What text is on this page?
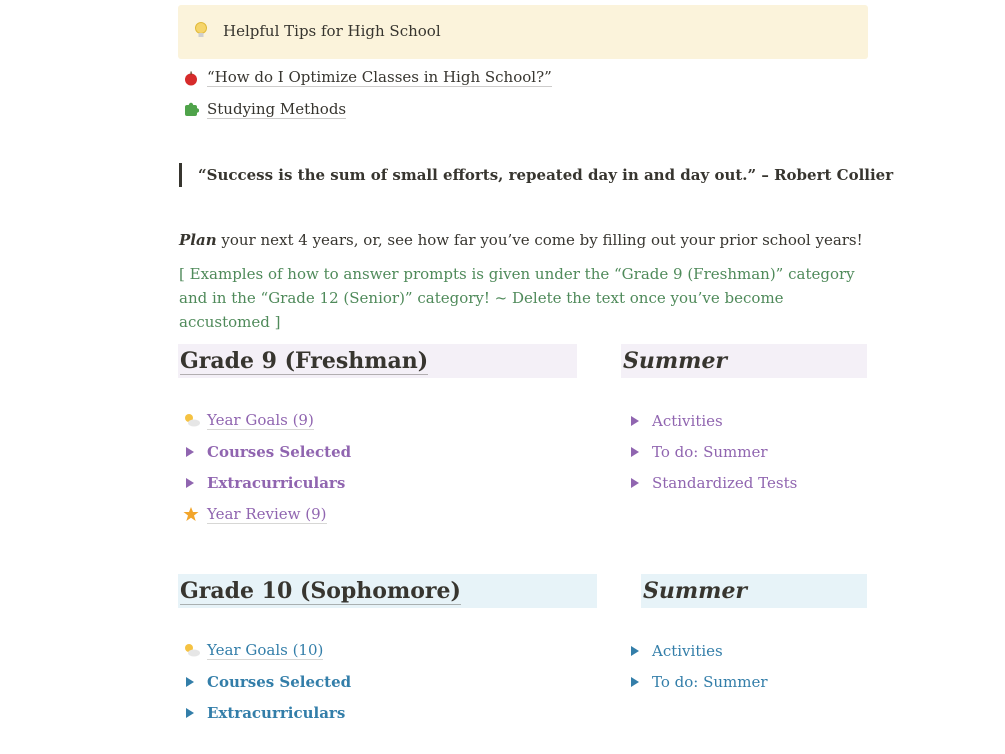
Helpful Tips for High School
“How do I Optimize Classes in High School?”
Studying Methods
“Success is the sum of small efforts, repeated day in and day out.” – Robert Collier
Plan your next 4 years, or, see how far you’ve come by filling out your prior school years!
[ Examples of how to answer prompts is given under the “Grade 9 (Freshman)” category and in the “Grade 12 (Senior)” category! ~ Delete the text once you’ve become accustomed ]
Grade 9 (Freshman)	Summer
Year Goals (9)
Courses Selected
Extracurriculars
Year Review (9)
Activities
To do: Summer
Standardized Tests
Grade 10 (Sophomore)	Summer
Year Goals (10)
Courses Selected
Extracurriculars
Activities
To do: Summer
